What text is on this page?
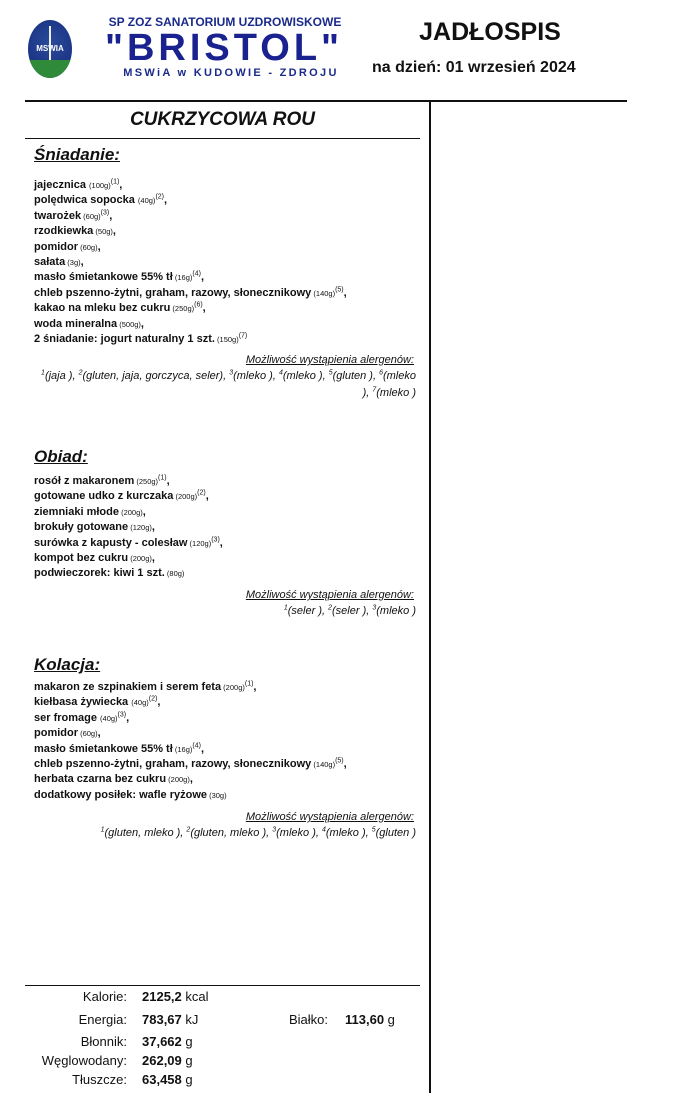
MSWIA
SP ZOZ SANATORIUM UZDROWISKOWE
"BRISTOL"
MSWiA w KUDOWIE - ZDROJU
JADŁOSPIS
na dzień: 01 wrzesień 2024
CUKRZYCOWA ROU
Śniadanie:
jajecznica $(100g)^{(1)}$,
polędwica sopocka $(40g)^{(2)}$,
twarożek $(60g)^{(3)}$,
rzodkiewka (50g),
pomidor (60g),
sałata (3g),
masło śmietankowe 55% tł $(16g)^{(4)}$,
chleb pszenno-żytni, graham, razowy, słonecznikowy $(140g)^{(5)}$,
kakao na mleku bez cukru $(250g)^{(6)}$,
woda mineralna (500g),
2 śniadanie: jogurt naturalny 1 szt. $(150g)^{(7)}$
Możliwość wystąpienia alergenów:
$^1$(jaja ), $^2$(gluten, jaja, gorczyca, seler), $^3$(mleko ), $^4$(mleko ), $^5$(gluten ), $^6$(mleko ), $^7$(mleko )
Obiad:
rosół z makaronem $(250g)^{(1)}$,
gotowane udko z kurczaka $(200g)^{(2)}$,
ziemniaki młode (200g),
brokuły gotowane (120g),
surówka z kapusty - colesław $(120g)^{(3)}$,
kompot bez cukru (200g),
podwieczorek: kiwi 1 szt. (80g)
Możliwość wystąpienia alergenów:
$^1$(seler ), $^2$(seler ), $^3$(mleko )
Kolacja:
makaron ze szpinakiem i serem feta $(200g)^{(1)}$,
kiełbasa żywiecka $(40g)^{(2)}$,
ser fromage $(40g)^{(3)}$,
pomidor (60g),
masło śmietankowe 55% tł $(16g)^{(4)}$,
chleb pszenno-żytni, graham, razowy, słonecznikowy $(140g)^{(5)}$,
herbata czarna bez cukru (200g),
dodatkowy posiłek: wafle ryżowe (30g)
Możliwość wystąpienia alergenów:
$^1$(gluten, mleko ), $^2$(gluten, mleko ), $^3$(mleko ), $^4$(mleko ), $^5$(gluten )
Kalorie: 2125,2 kcal
Energia: 783,67 kJ
Błonnik: 37,662 g
Węglowodany: 262,09 g
Tłuszcze: 63,458 g
Białko: 113,60 g
